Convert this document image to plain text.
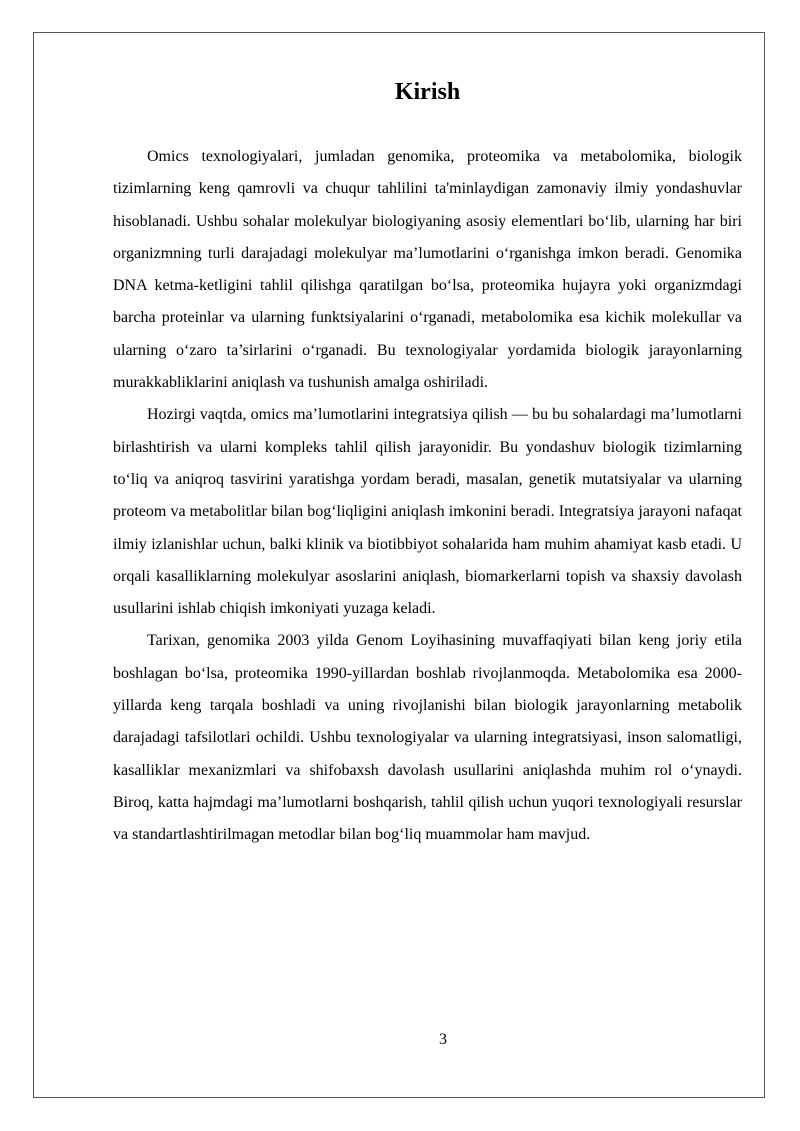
Kirish

Omics texnologiyalari, jumladan genomika, proteomika va metabolomika, biologik tizimlarning keng qamrovli va chuqur tahlilini ta'minlaydigan zamonaviy ilmiy yondashuvlar hisoblanadi. Ushbu sohalar molekulyar biologiyaning asosiy elementlari bo‘lib, ularning har biri organizmning turli darajadagi molekulyar ma’lumotlarini o‘rganishga imkon beradi. Genomika DNA ketma-ketligini tahlil qilishga qaratilgan bo‘lsa, proteomika hujayra yoki organizmdagi barcha proteinlar va ularning funktsiyalarini o‘rganadi, metabolomika esa kichik molekullar va ularning o‘zaro ta’sirlarini o‘rganadi. Bu texnologiyalar yordamida biologik jarayonlarning murakkabliklarini aniqlash va tushunish amalga oshiriladi.

Hozirgi vaqtda, omics ma’lumotlarini integratsiya qilish — bu bu sohalardagi ma’lumotlarni birlashtirish va ularni kompleks tahlil qilish jarayonidir. Bu yondashuv biologik tizimlarning to‘liq va aniqroq tasvirini yaratishga yordam beradi, masalan, genetik mutatsiyalar va ularning proteom va metabolitlar bilan bog‘liqligini aniqlash imkonini beradi. Integratsiya jarayoni nafaqat ilmiy izlanishlar uchun, balki klinik va biotibbiyot sohalarida ham muhim ahamiyat kasb etadi. U orqali kasalliklarning molekulyar asoslarini aniqlash, biomarkerlarni topish va shaxsiy davolash usullarini ishlab chiqish imkoniyati yuzaga keladi.

Tarixan, genomika 2003 yilda Genom Loyihasining muvaffaqiyati bilan keng joriy etila boshlagan bo‘lsa, proteomika 1990-yillardan boshlab rivojlanmoqda. Metabolomika esa 2000-yillarda keng tarqala boshladi va uning rivojlanishi bilan biologik jarayonlarning metabolik darajadagi tafsilotlari ochildi. Ushbu texnologiyalar va ularning integratsiyasi, inson salomatligi, kasalliklar mexanizmlari va shifobaxsh davolash usullarini aniqlashda muhim rol o‘ynaydi. Biroq, katta hajmdagi ma’lumotlarni boshqarish, tahlil qilish uchun yuqori texnologiyali resurslar va standartlashtirilmagan metodlar bilan bog‘liq muammolar ham mavjud.

3
